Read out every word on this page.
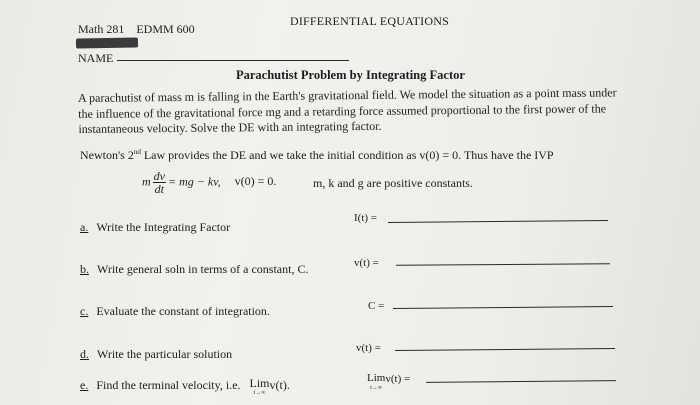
Math 281 EDMM 600
DIFFERENTIAL EQUATIONS
NAME
Parachutist Problem by Integrating Factor
A parachutist of mass m is falling in the Earth's gravitational field. We model the situation as a point mass under the influence of the gravitational force mg and a retarding force assumed proportional to the first power of the instantaneous velocity. Solve the DE with an integrating factor.
Newton's 2nd Law provides the DE and we take the initial condition as v(0) = 0. Thus have the IVP
m $\frac{dv}{dt}$ = mg − kv, v(0) = 0.	m, k and g are positive constants.
a. Write the Integrating Factor
I(t) =
b. Write general soln in terms of a constant, C.	v(t) =
c. Evaluate the constant of integration.	C =
d. Write the particular solution	v(t) =
e. Find the terminal velocity, i.e. Lim
t→∞
v(t).	Lim
t→∞
v(t) =
